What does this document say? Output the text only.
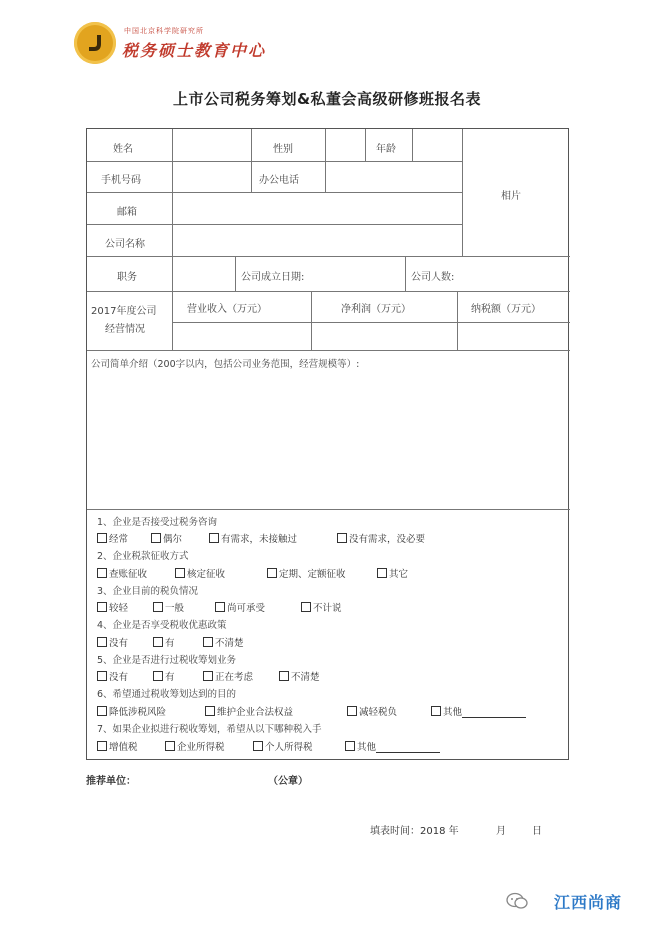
中国北京科学院研究所
税务硕士教育中心
上市公司税务筹划&私董会高级研修班报名表
姓名	性别	年龄
相片
手机号码	办公电话
邮箱
公司名称
职务	公司成立日期:	公司人数:
2017年度公司
经营情况
营业收入（万元）	净利润（万元）	纳税额（万元）
公司简单介绍（200字以内，包括公司业务范围，经营规模等）:
1、企业是否接受过税务咨询
经常	偶尔	有需求，未接触过	没有需求，没必要
2、企业税款征收方式
查账征收	核定征收	定期、定额征收	其它
3、企业目前的税负情况
较轻	一般	尚可承受	不计说
4、企业是否享受税收优惠政策
没有	有	不清楚
5、企业是否进行过税收筹划业务
没有	有	正在考虑	不清楚
6、希望通过税收筹划达到的目的
降低涉税风险	维护企业合法权益	减轻税负	其他
7、如果企业拟进行税收筹划，希望从以下哪种税入手
增值税	企业所得税	个人所得税	其他
推荐单位：	（公章）
填表时间：2018 年	月	日
江西尚商
